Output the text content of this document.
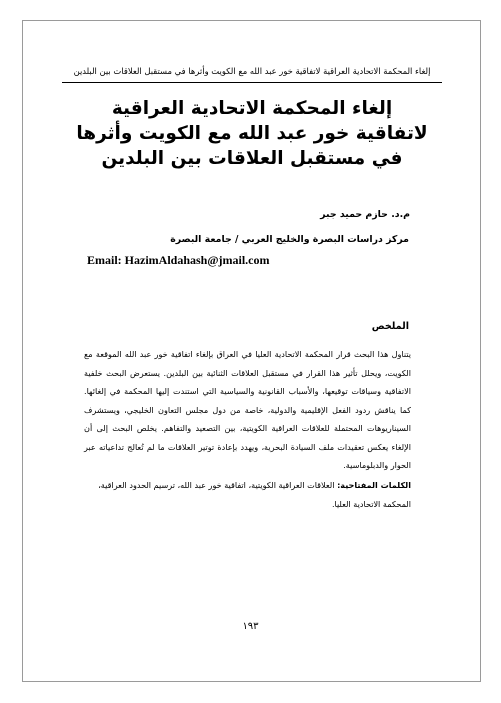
إلغاء المحكمة الاتحادية العراقية لاتفاقية خور عبد الله مع الكويت وأثرها في مستقبل العلاقات بين البلدين
إلغاء المحكمة الاتحادية العراقية
لاتفاقية خور عبد الله مع الكويت وأثرها
في مستقبل العلاقات بين البلدين
م.د. حازم حميد جبر
مركز دراسات البصرة والخليج العربي / جامعة البصرة
Email: HazimAldahash@jmail.com
الملخص

يتناول هذا البحث قرار المحكمة الاتحادية العليا في العراق بإلغاء اتفاقية خور عبد الله الموقعة مع الكويت، ويحلل تأثير هذا القرار في مستقبل العلاقات الثنائية بين البلدين. يستعرض البحث خلفية الاتفاقية وسياقات توقيعها، والأسباب القانونية والسياسية التي استندت إليها المحكمة في إلغائها. كما يناقش ردود الفعل الإقليمية والدولية، خاصة من دول مجلس التعاون الخليجي، ويستشرف السيناريوهات المحتملة للعلاقات العراقية الكويتية، بين التصعيد والتفاهم. يخلص البحث إلى أن الإلغاء يعكس تعقيدات ملف السيادة البحرية، ويهدد بإعادة توتير العلاقات ما لم تُعالج تداعياته عبر الحوار والدبلوماسية.

الكلمات المفتاحية: العلاقات العراقية الكويتية، اتفاقية خور عبد الله، ترسيم الحدود العراقية، المحكمة الاتحادية العليا.

١٩٣
